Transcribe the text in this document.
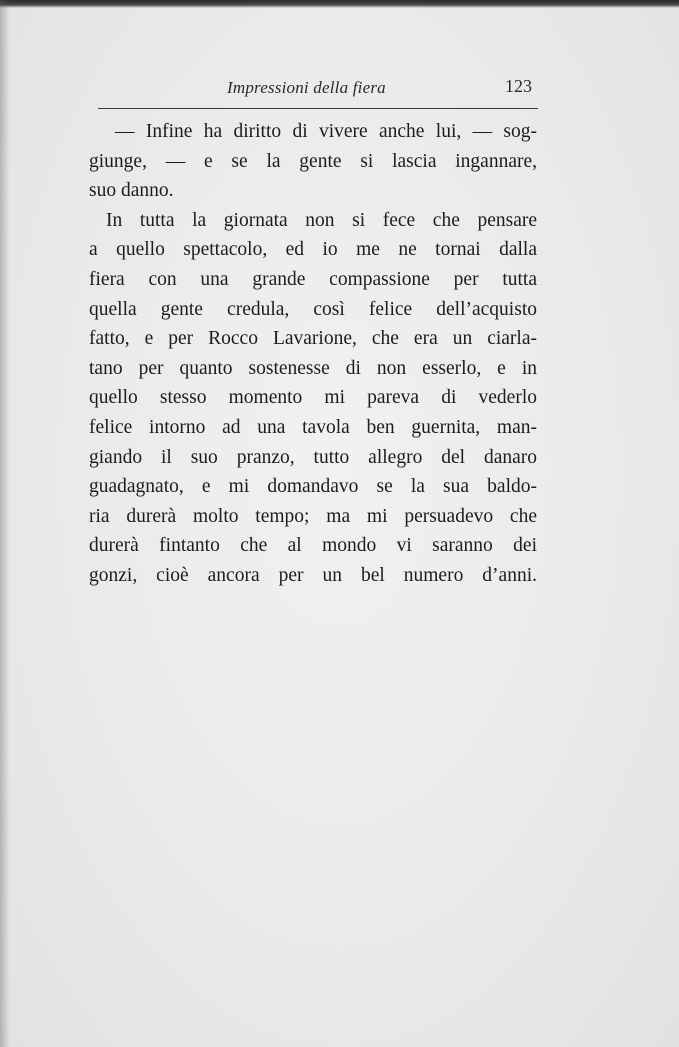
Impressioni della fiera	123
— Infine ha diritto di vivere anche lui, — sog-
giunge, — e se la gente si lascia ingannare,
suo danno.
In tutta la giornata non si fece che pensare
a quello spettacolo, ed io me ne tornai dalla
fiera con una grande compassione per tutta
quella gente credula, così felice dell’acquisto
fatto, e per Rocco Lavarione, che era un ciarla-
tano per quanto sostenesse di non esserlo, e in
quello stesso momento mi pareva di vederlo
felice intorno ad una tavola ben guernita, man-
giando il suo pranzo, tutto allegro del danaro
guadagnato, e mi domandavo se la sua baldo-
ria durerà molto tempo; ma mi persuadevo che
durerà fintanto che al mondo vi saranno dei
gonzi, cioè ancora per un bel numero d’anni.
